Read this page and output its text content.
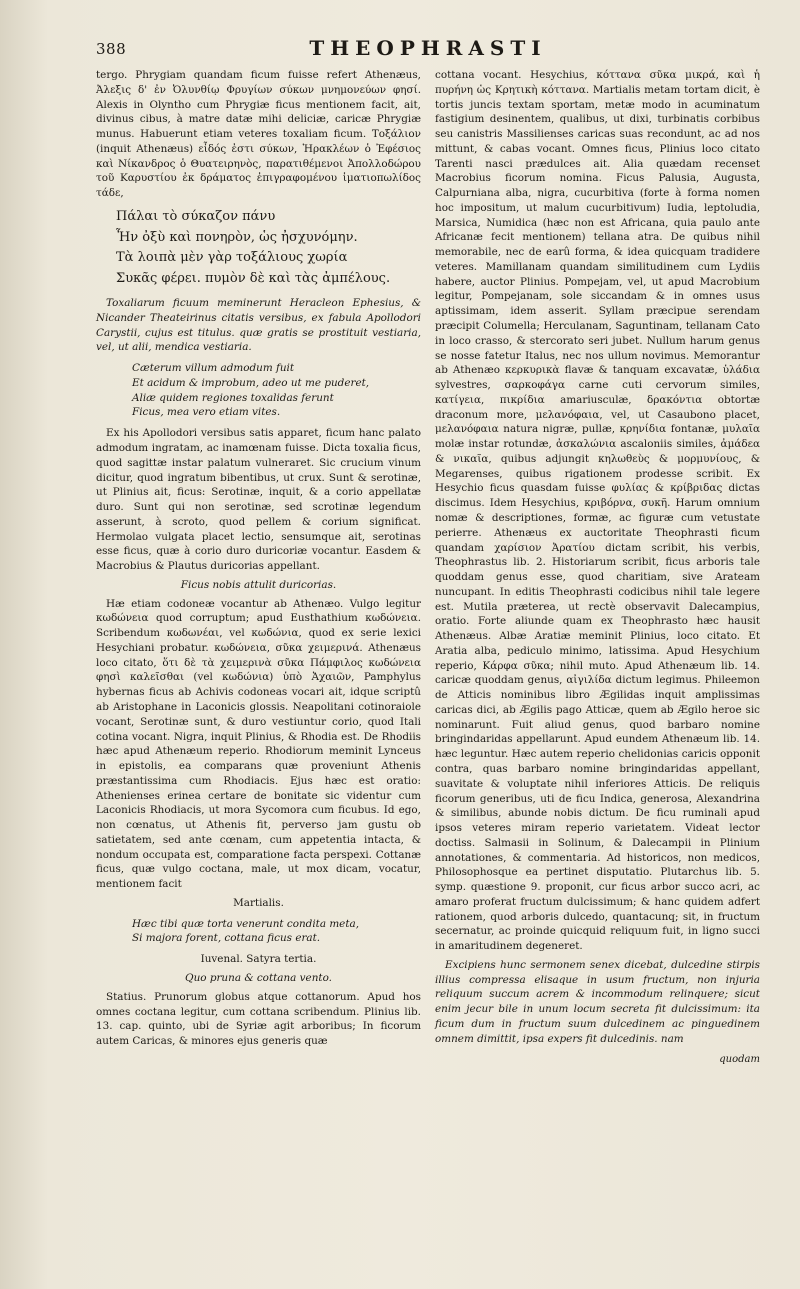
388	THEOPHRASTI

tergo. Phrygiam quandam ficum fuisse refert Athenæus, Ἀλεξις δ' ἐν Ὀλυνθίῳ Φρυγίων σύκων μνημονεύων φησί. Alexis in Olyntho cum Phrygiæ ficus mentionem facit, ait, divinus cibus, à matre datæ mihi deliciæ, caricæ Phrygiæ munus. Habuerunt etiam veteres toxaliam ficum. Τοξάλιον (inquit Athenæus) εἶδός ἐστι σύκων, Ἡρακλέων ὁ Ἐφέσιος καὶ Νίκανδρος ὁ Θυατειρηνὸς, παρατιθέμενοι Ἀπολλοδώρου τοῦ Καρυστίου ἐκ δράματος ἐπιγραφομένου ἱματιοπωλίδος τάδε,

Πάλαι τὸ σύκαζον πάνυ
Ἦν ὀξὺ καὶ πονηρὸν, ὡς ἠσχυνόμην.
Τὰ λοιπὰ μὲν γὰρ τοξάλιους χωρία
Συκᾶς φέρει. πυμὸν δὲ καὶ τὰς ἀμπέλους.

Toxaliarum ficuum meminerunt Heracleon Ephesius, & Nicander Theateirinus citatis versibus, ex fabula Apollodori Carystii, cujus est titulus. quæ gratis se prostituit vestiaria, vel, ut alii, mendica vestiaria.

Cæterum villum admodum fuit
Et acidum & improbum, adeo ut me puderet,
Aliæ quidem regiones toxalidas ferunt
Ficus, mea vero etiam vites.

Ex his Apollodori versibus satis apparet, ficum hanc palato admodum ingratam, ac inamœnam fuisse. Dicta toxalia ficus, quod sagittæ instar palatum vulneraret. Sic crucium vinum dicitur, quod ingratum bibentibus, ut crux. Sunt & serotinæ, ut Plinius ait, ficus: Serotinæ, inquit, & a corio appellatæ duro. Sunt qui non serotinæ, sed scrotinæ legendum asserunt, à scroto, quod pellem & corium significat. Hermolao vulgata placet lectio, sensumque ait, serotinas esse ficus, quæ à corio duro duricoriæ vocantur. Easdem & Macrobius & Plautus duricorias appellant.

Ficus nobis attulit duricorias.

Hæ etiam codoneæ vocantur ab Athenæo. Vulgo legitur κωδώνεια quod corruptum; apud Eusthathium κωδώνεια. Scribendum κωδωνέαι, vel κωδώνια, quod ex serie lexici Hesychiani probatur. κωδώνεια, σῦκα χειμερινά. Athenæus loco citato, ὅτι δὲ τὰ χειμερινὰ σῦκα Πάμφιλος κωδώνεια φησὶ καλεῖσθαι (vel κωδώνια) ὑπὸ Ἀχαιῶν, Pamphylus hybernas ficus ab Achivis codoneas vocari ait, idque scriptû ab Aristophane in Laconicis glossis. Neapolitani cotinoraiole vocant, Serotinæ sunt, & duro vestiuntur corio, quod Itali cotina vocant. Nigra, inquit Plinius, & Rhodia est. De Rhodiis hæc apud Athenæum reperio. Rhodiorum meminit Lynceus in epistolis, ea comparans quæ proveniunt Athenis præstantissima cum Rhodiacis. Ejus hæc est oratio: Athenienses erinea certare de bonitate sic videntur cum Laconicis Rhodiacis, ut mora Sycomora cum ficubus. Id ego, non cœnatus, ut Athenis fit, perverso jam gustu ob satietatem, sed ante cœnam, cum appetentia intacta, & nondum occupata est, comparatione facta perspexi. Cottanæ ficus, quæ vulgo coctana, male, ut mox dicam, vocatur, mentionem facit

Martialis.

Hæc tibi quæ torta venerunt condita meta,
Si majora forent, cottana ficus erat.

Iuvenal. Satyra tertia.

Quo pruna & cottana vento.

Statius. Prunorum globus atque cottanorum. Apud hos omnes coctana legitur, cum cottana scribendum. Plinius lib. 13. cap. quinto, ubi de Syriæ agit arboribus; In ficorum autem Caricas, & minores ejus generis quæ

cottana vocant. Hesychius, κόττανα σῦκα μικρά, καὶ ἡ πυρήνη ὡς Κρητικὴ κόττανα. Martialis metam tortam dicit, è tortis juncis textam sportam, metæ modo in acuminatum fastigium desinentem, qualibus, ut dixi, turbinatis corbibus seu canistris Massilienses caricas suas recondunt, ac ad nos mittunt, & cabas vocant. Omnes ficus, Plinius loco citato Tarenti nasci prædulces ait. Alia quædam recenset Macrobius ficorum nomina. Ficus Palusia, Augusta, Calpurniana alba, nigra, cucurbitiva (forte à forma nomen hoc impositum, ut malum cucurbitivum) Iudia, leptoludia, Marsica, Numidica (hæc non est Africana, quia paulo ante Africanæ fecit mentionem) tellana atra. De quibus nihil memorabile, nec de earû forma, & idea quicquam tradidere veteres. Mamillanam quandam similitudinem cum Lydiis habere, auctor Plinius. Pompejam, vel, ut apud Macrobium legitur, Pompejanam, sole siccandam & in omnes usus aptissimam, idem asserit. Syllam præcipue serendam præcipit Columella; Herculanam, Saguntinam, tellanam Cato in loco crasso, & stercorato seri jubet. Nullum harum genus se nosse fatetur Italus, nec nos ullum novimus. Memorantur ab Athenæo κερκυρικὰ flavæ & tanquam excavatæ, ὑλάδια sylvestres, σαρκοφάγα carne cuti cervorum similes, κατίγεια, πικρίδια amariusculæ, δρακόντια obtortæ draconum more, μελανόφαια, vel, ut Casaubono placet, μελανόφαια natura nigræ, pullæ, κρηνίδια fontanæ, μυλαῖα molæ instar rotundæ, ἀσκαλώνια ascaloniis similes, ἀμάδεα & νικαῖα, quibus adjungit κηλωθεὺς & μορμυνίους, & Megarenses, quibus rigationem prodesse scribit. Ex Hesychio ficus quasdam fuisse φυλίας & κρίβριδας dictas discimus. Idem Hesychius, κριβόρνα, συκῆ. Harum omnium nomæ & descriptiones, formæ, ac figuræ cum vetustate perierre. Athenæus ex auctoritate Theophrasti ficum quandam χαρίσιον Ἀρατίου dictam scribit, his verbis, Theophrastus lib. 2. Historiarum scribit, ficus arboris tale quoddam genus esse, quod charitiam, sive Arateam nuncupant. In editis Theophrasti codicibus nihil tale legere est. Mutila præterea, ut rectè observavit Dalecampius, oratio. Forte aliunde quam ex Theophrasto hæc hausit Athenæus. Albæ Aratiæ meminit Plinius, loco citato. Et Aratia alba, pediculo minimo, latissima. Apud Hesychium reperio, Κάρφα σῦκα; nihil muto. Apud Athenæum lib. 14. caricæ quoddam genus, αἰγιλίδα dictum legimus. Phileemon de Atticis nominibus libro Ægilidas inquit amplissimas caricas dici, ab Ægilis pago Atticæ, quem ab Ægilo heroe sic nominarunt. Fuit aliud genus, quod barbaro nomine bringindaridas appellarunt. Apud eundem Athenæum lib. 14. hæc leguntur. Hæc autem reperio chelidonias caricis opponit contra, quas barbaro nomine bringindaridas appellant, suavitate & voluptate nihil inferiores Atticis. De reliquis ficorum generibus, uti de ficu Indica, generosa, Alexandrina & similibus, abunde nobis dictum. De ficu ruminali apud ipsos veteres miram reperio varietatem. Videat lector doctiss. Salmasii in Solinum, & Dalecampii in Plinium annotationes, & commentaria. Ad historicos, non medicos, Philosophosque ea pertinet disputatio. Plutarchus lib. 5. symp. quæstione 9. proponit, cur ficus arbor succo acri, ac amaro proferat fructum dulcissimum; & hanc quidem adfert rationem, quod arboris dulcedo, quantacunq; sit, in fructum secernatur, ac proinde quicquid reliquum fuit, in ligno succi in amaritudinem degeneret.

Excipiens hunc sermonem senex dicebat, dulcedine stirpis illius compressa elisaque in usum fructum, non injuria reliquum succum acrem & incommodum relinquere; sicut enim jecur bile in unum locum secreta fit dulcissimum: ita ficum dum in fructum suum dulcedinem ac pinguedinem omnem dimittit, ipsa expers fit dulcedinis. nam

quodam
